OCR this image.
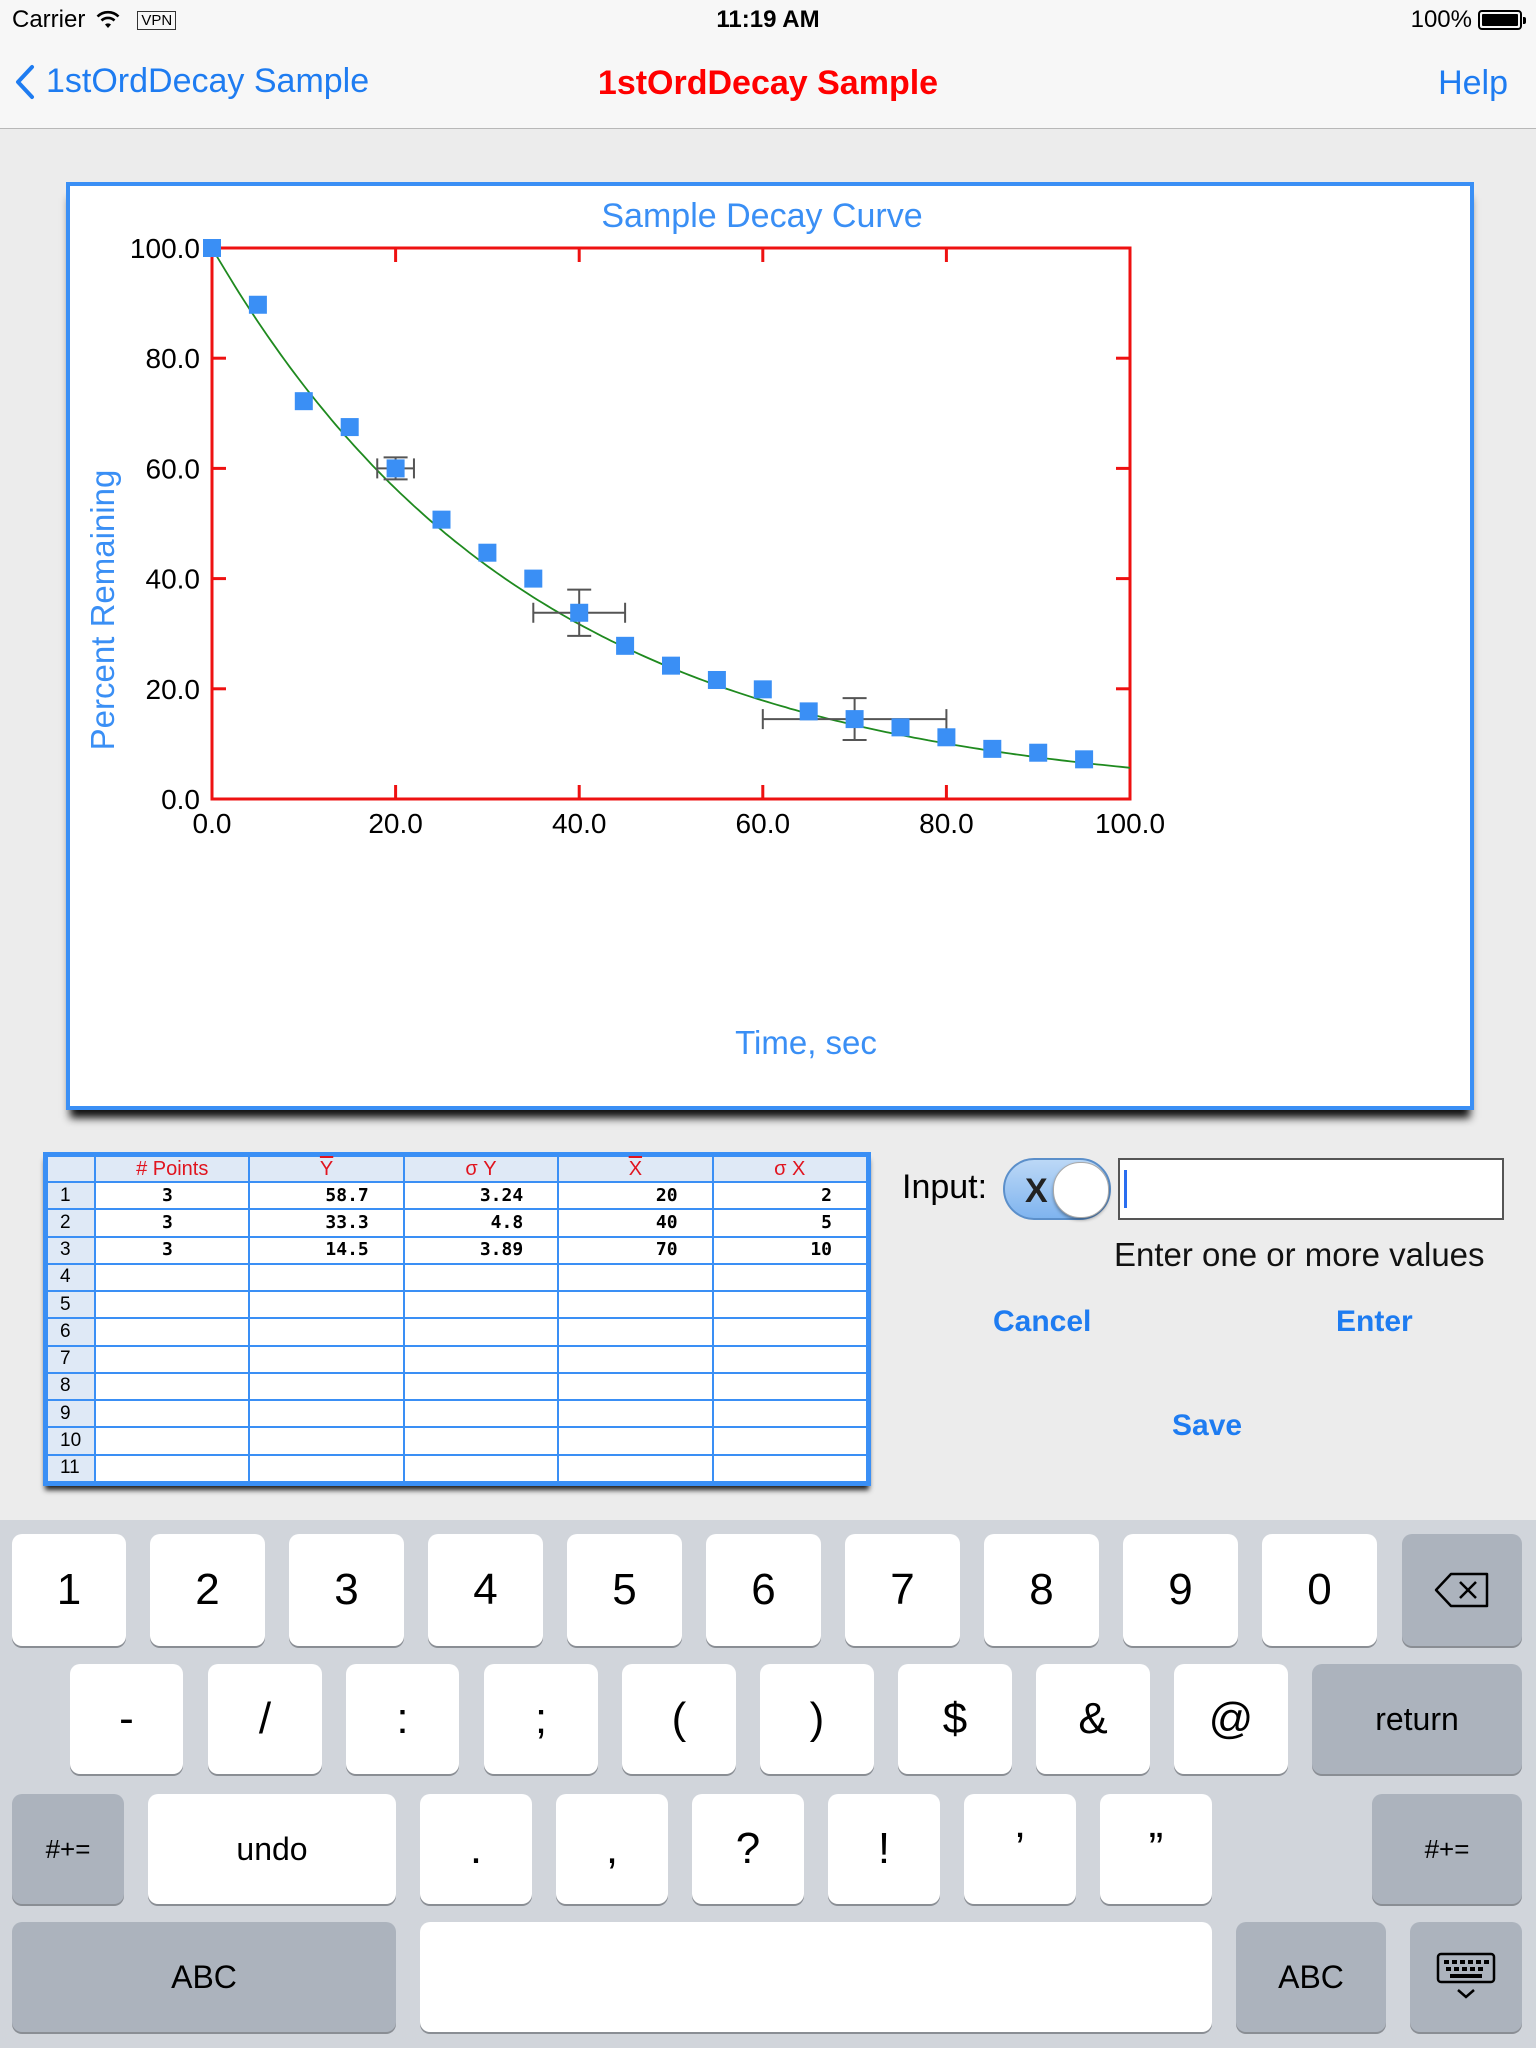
Carrier	VPN	11:19 AM	100%
1stOrdDecay Sample	1stOrdDecay Sample	Help
Sample Decay Curve
Percent Remaining
Time, sec
0.0	20.0	40.0	60.0	80.0	100.0
0.0
20.0
40.0
60.0
80.0
100.0
	# Points	$\overline{Y}$	σ Y	$\overline{X}$	σ X
1	3	58.7	3.24	20	2
2	3	33.3	4.8	40	5
3	3	14.5	3.89	70	10
4					
5					
6					
7					
8					
9					
10					
11					
Input: X
Enter one or more values
Cancel	Enter
Save
1	2	3	4	5	6	7	8	9	0
-	/	:	;	(	)	$	&	@	return
#+=	undo	.	,	?	!	’	”	#+=
ABC	ABC
